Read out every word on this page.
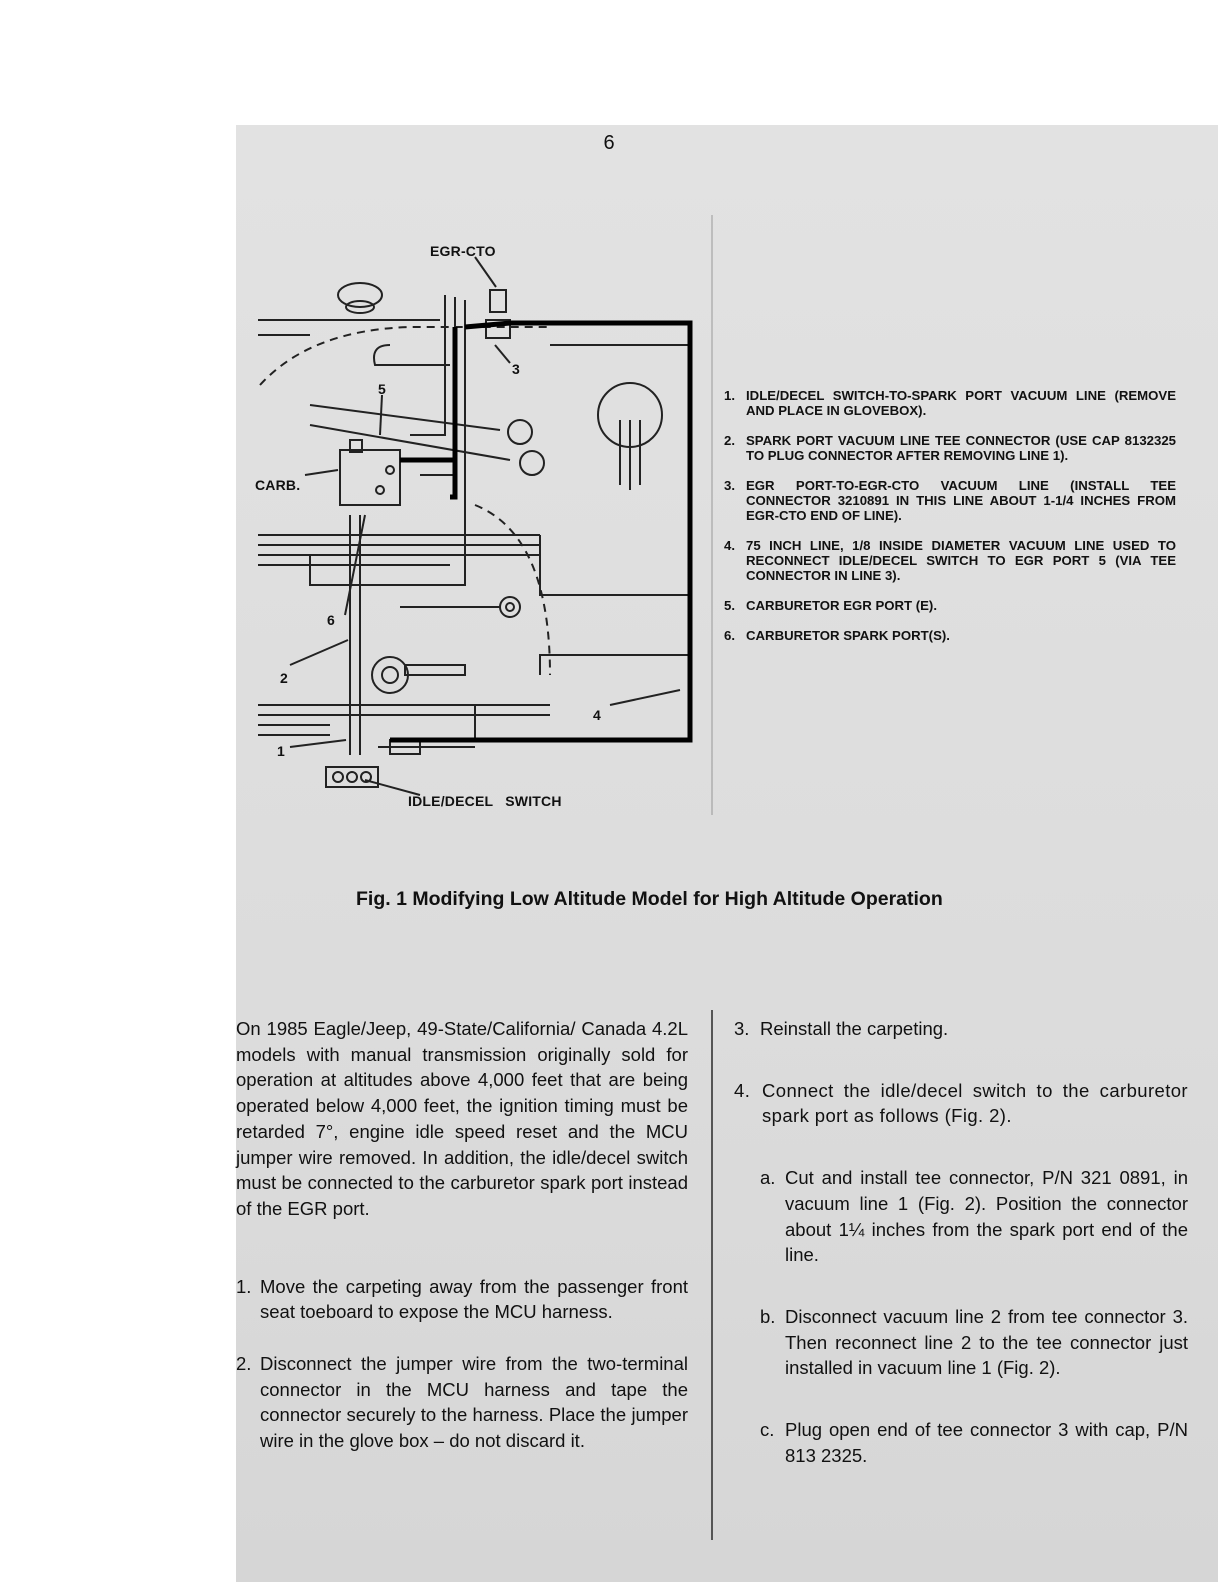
6
EGR-CTO
CARB.
3
5
6
2
4
1
IDLE/DECEL   SWITCH
1. IDLE/DECEL SWITCH-TO-SPARK PORT VACUUM LINE (REMOVE AND PLACE IN GLOVEBOX).
2. SPARK PORT VACUUM LINE TEE CONNECTOR (USE CAP 8132325 TO PLUG CONNECTOR AFTER REMOVING LINE 1).
3. EGR PORT-TO-EGR-CTO VACUUM LINE (INSTALL TEE CONNECTOR 3210891 IN THIS LINE ABOUT 1-1/4 INCHES FROM EGR-CTO END OF LINE).
4. 75 INCH LINE, 1/8 INSIDE DIAMETER VACUUM LINE USED TO RECONNECT IDLE/DECEL SWITCH TO EGR PORT 5 (VIA TEE CONNECTOR IN LINE 3).
5. CARBURETOR EGR PORT (E).
6. CARBURETOR SPARK PORT(S).
Fig. 1 Modifying Low Altitude Model for High Altitude Operation

On 1985 Eagle/Jeep, 49-State/California/ Canada 4.2L models with manual transmission originally sold for operation at altitudes above 4,000 feet that are being operated below 4,000 feet, the ignition timing must be retarded 7°, engine idle speed reset and the MCU jumper wire removed. In addition, the idle/decel switch must be connected to the carburetor spark port instead of the EGR port.

1. Move the carpeting away from the passenger front seat toeboard to expose the MCU harness.
2. Disconnect the jumper wire from the two-terminal connector in the MCU harness and tape the connector securely to the harness. Place the jumper wire in the glove box – do not discard it.
3. Reinstall the carpeting.
4. Connect the idle/decel switch to the carburetor spark port as follows (Fig. 2).
a. Cut and install tee connector, P/N 321 0891, in vacuum line 1 (Fig. 2). Position the connector about 1¼ inches from the spark port end of the line.
b. Disconnect vacuum line 2 from tee connector 3. Then reconnect line 2 to the tee connector just installed in vacuum line 1 (Fig. 2).
c. Plug open end of tee connector 3 with cap, P/N 813 2325.
